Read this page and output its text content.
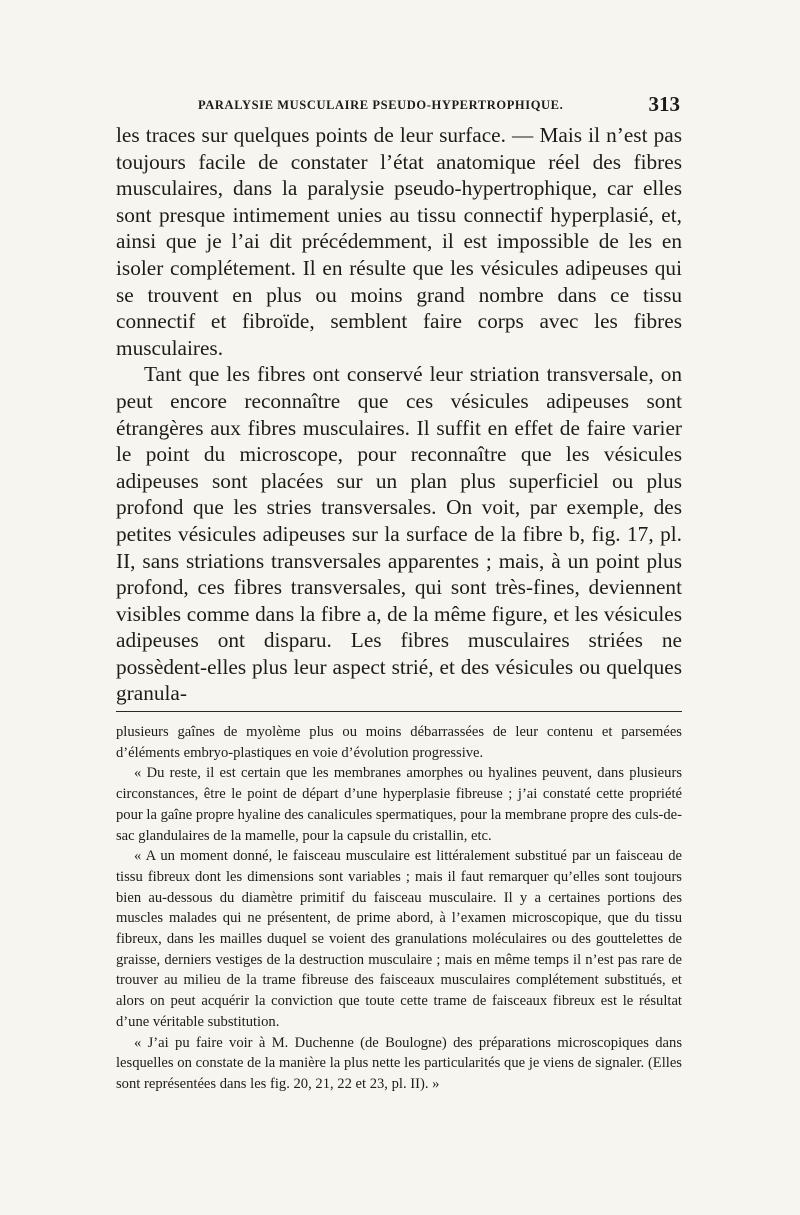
PARALYSIE MUSCULAIRE PSEUDO-HYPERTROPHIQUE.	313

les traces sur quelques points de leur surface. — Mais il n’est pas toujours facile de constater l’état anatomique réel des fibres musculaires, dans la paralysie pseudo-hypertrophique, car elles sont presque intimement unies au tissu connectif hyperplasié, et, ainsi que je l’ai dit précédemment, il est impossible de les en isoler complétement. Il en résulte que les vésicules adipeuses qui se trouvent en plus ou moins grand nombre dans ce tissu connectif et fibroïde, semblent faire corps avec les fibres musculaires.

Tant que les fibres ont conservé leur striation transversale, on peut encore reconnaître que ces vésicules adipeuses sont étrangères aux fibres musculaires. Il suffit en effet de faire varier le point du microscope, pour reconnaître que les vésicules adipeuses sont placées sur un plan plus superficiel ou plus profond que les stries transversales. On voit, par exemple, des petites vésicules adipeuses sur la surface de la fibre b, fig. 17, pl. II, sans striations transversales apparentes ; mais, à un point plus profond, ces fibres transversales, qui sont très-fines, deviennent visibles comme dans la fibre a, de la même figure, et les vésicules adipeuses ont disparu. Les fibres musculaires striées ne possèdent-elles plus leur aspect strié, et des vésicules ou quelques granula-

plusieurs gaînes de myolème plus ou moins débarrassées de leur contenu et parsemées d’éléments embryo-plastiques en voie d’évolution progressive.

« Du reste, il est certain que les membranes amorphes ou hyalines peuvent, dans plusieurs circonstances, être le point de départ d’une hyperplasie fibreuse ; j’ai constaté cette propriété pour la gaîne propre hyaline des canalicules spermatiques, pour la membrane propre des culs-de-sac glandulaires de la mamelle, pour la capsule du cristallin, etc.

« A un moment donné, le faisceau musculaire est littéralement substitué par un faisceau de tissu fibreux dont les dimensions sont variables ; mais il faut remarquer qu’elles sont toujours bien au-dessous du diamètre primitif du faisceau musculaire. Il y a certaines portions des muscles malades qui ne présentent, de prime abord, à l’examen microscopique, que du tissu fibreux, dans les mailles duquel se voient des granulations moléculaires ou des gouttelettes de graisse, derniers vestiges de la destruction musculaire ; mais en même temps il n’est pas rare de trouver au milieu de la trame fibreuse des faisceaux musculaires complétement substitués, et alors on peut acquérir la conviction que toute cette trame de faisceaux fibreux est le résultat d’une véritable substitution.

« J’ai pu faire voir à M. Duchenne (de Boulogne) des préparations microscopiques dans lesquelles on constate de la manière la plus nette les particularités que je viens de signaler. (Elles sont représentées dans les fig. 20, 21, 22 et 23, pl. II). »
